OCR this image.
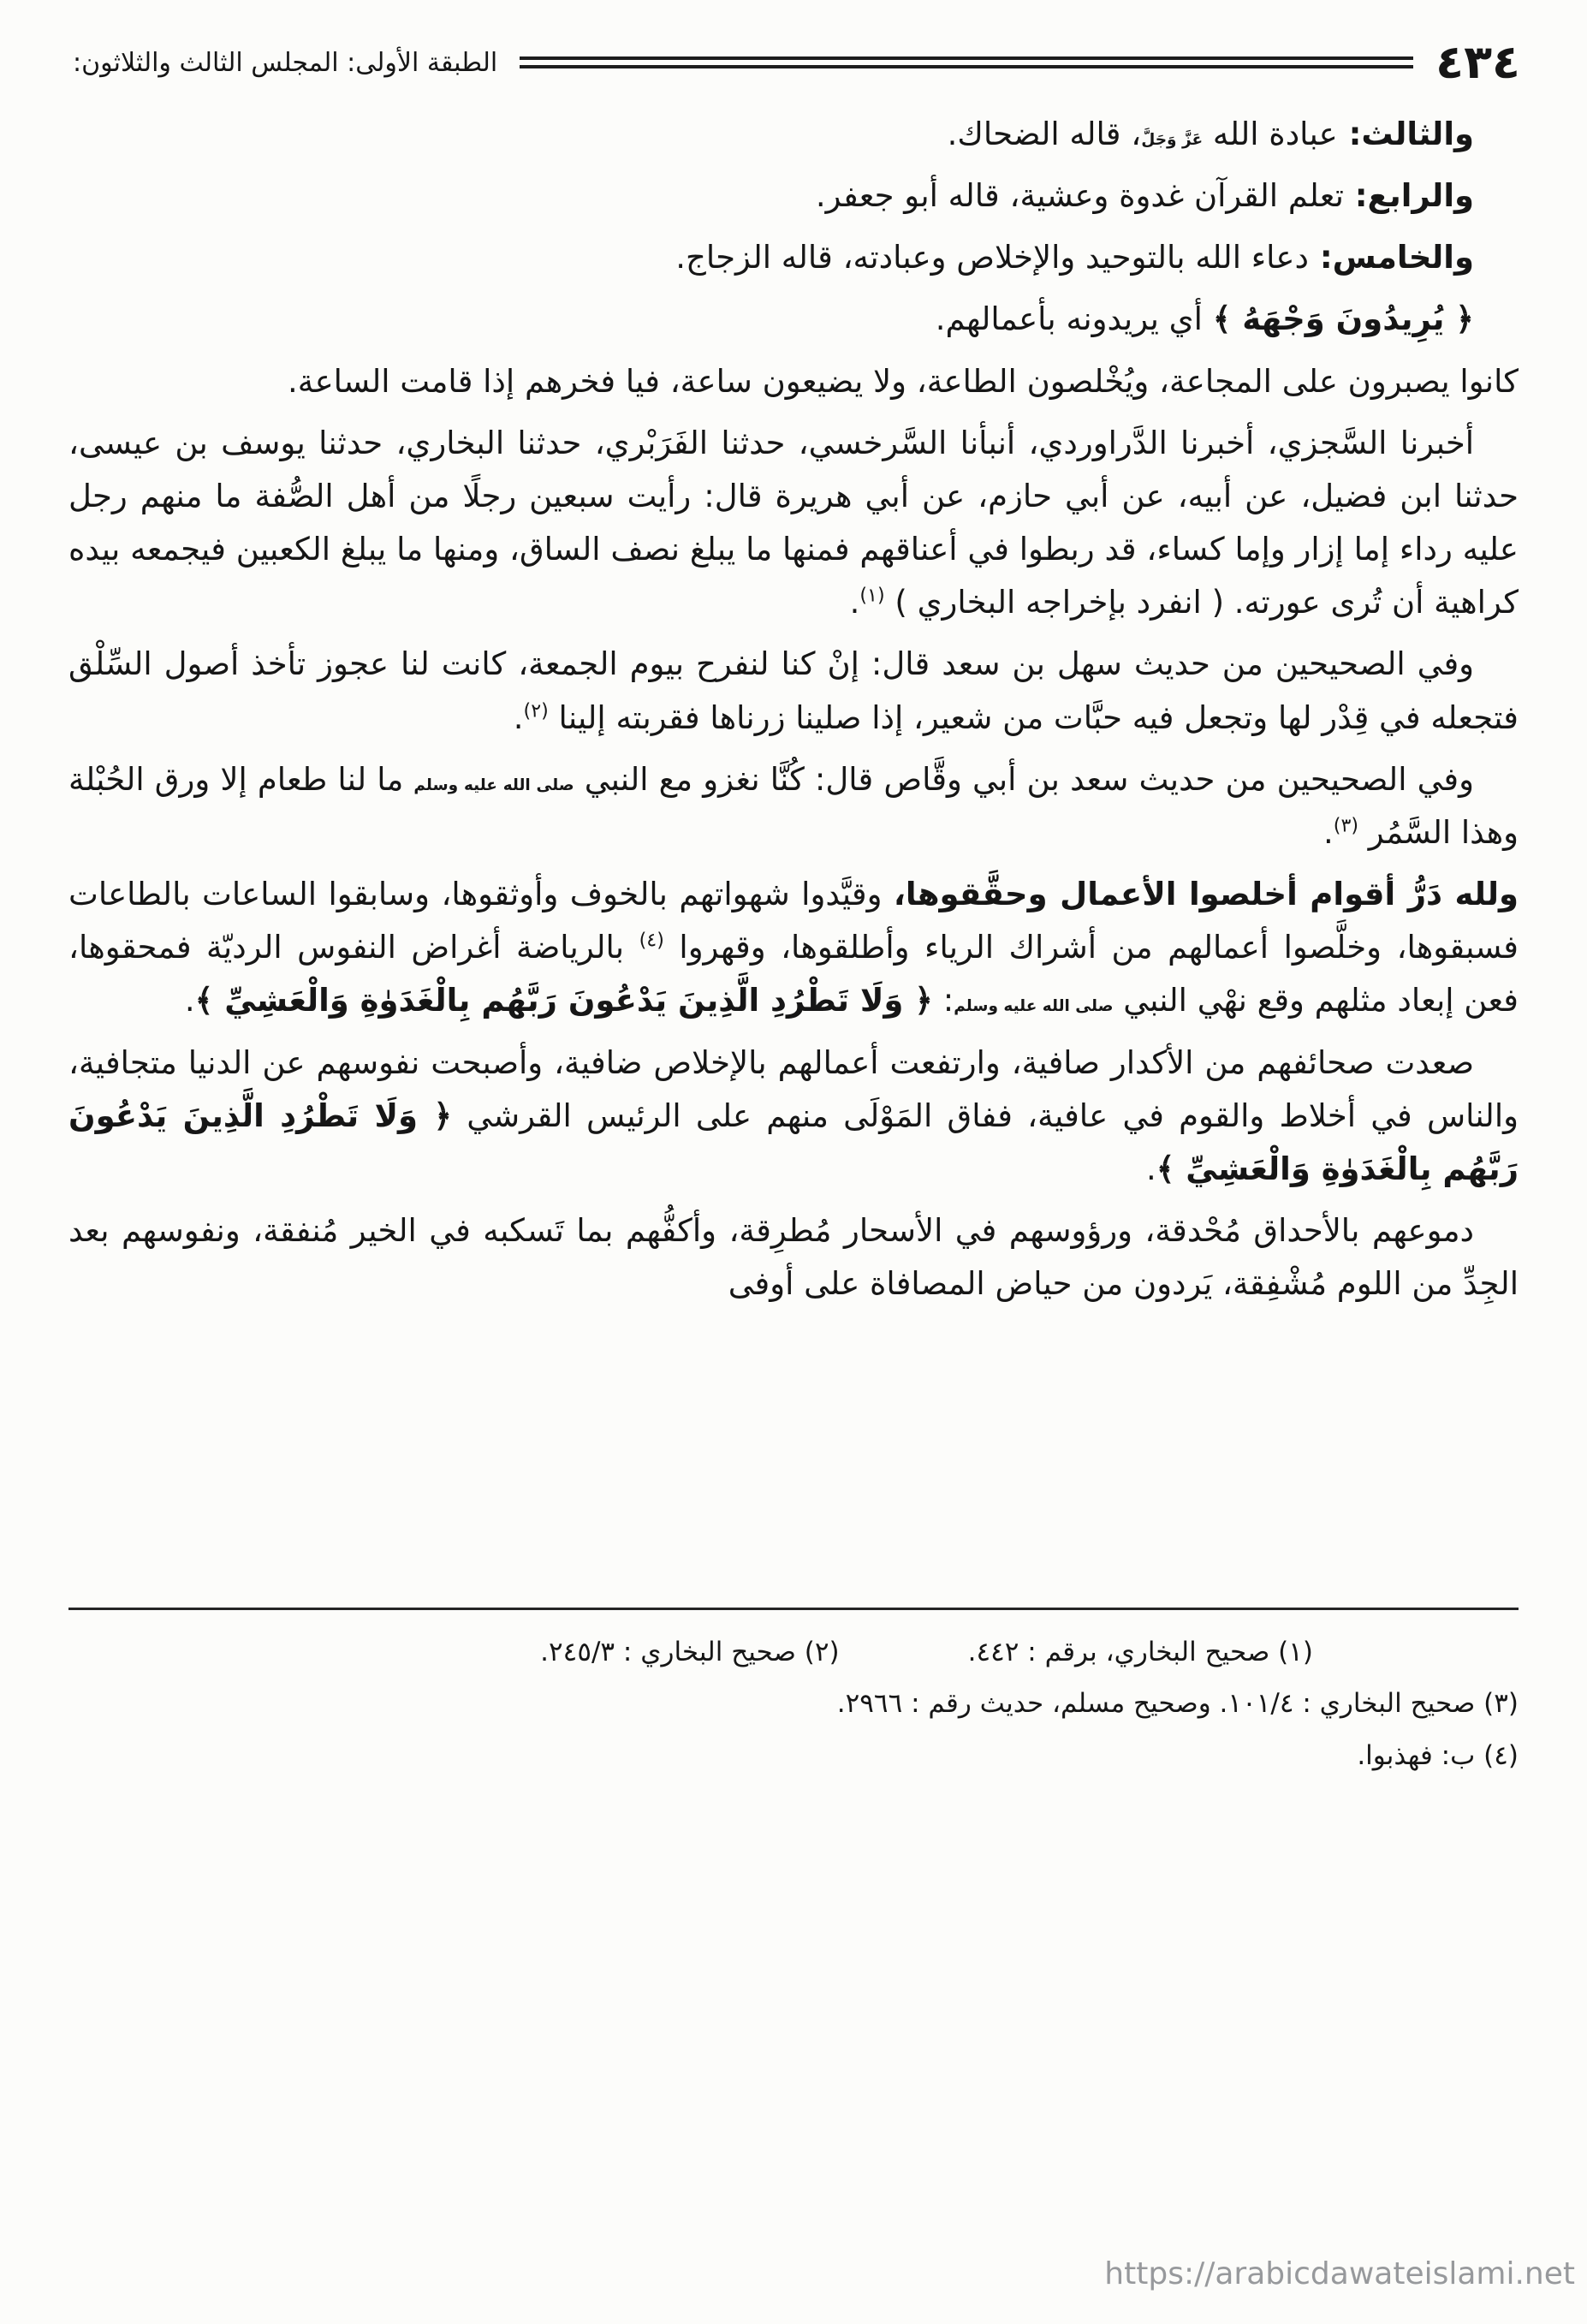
الطبقة الأولى: المجلس الثالث والثلاثون:	٤٣٤

والثالث: عبادة الله عَزَّ وَجَلَّ، قاله الضحاك.

والرابع: تعلم القرآن غدوة وعشية، قاله أبو جعفر.

والخامس: دعاء الله بالتوحيد والإخلاص وعبادته، قاله الزجاج.

﴿ يُرِيدُونَ وَجْهَهُ ﴾ أي يريدونه بأعمالهم.

كانوا يصبرون على المجاعة، ويُخْلصون الطاعة، ولا يضيعون ساعة، فيا فخرهم إذا قامت الساعة.

أخبرنا السَّجزي، أخبرنا الدَّراوردي، أنبأنا السَّرخسي، حدثنا الفَرَبْري، حدثنا البخاري، حدثنا يوسف بن عيسى، حدثنا ابن فضيل، عن أبيه، عن أبي حازم، عن أبي هريرة قال: رأيت سبعين رجلًا من أهل الصُّفة ما منهم رجل عليه رداء إما إزار وإما كساء، قد ربطوا في أعناقهم فمنها ما يبلغ نصف الساق، ومنها ما يبلغ الكعبين فيجمعه بيده كراهية أن تُرى عورته. ( انفرد بإخراجه البخاري ) $^{(١)}$.

وفي الصحيحين من حديث سهل بن سعد قال: إنْ كنا لنفرح بيوم الجمعة، كانت لنا عجوز تأخذ أصول السِّلْق فتجعله في قِدْر لها وتجعل فيه حبَّات من شعير، إذا صلينا زرناها فقربته إلينا $^{(٢)}$.

وفي الصحيحين من حديث سعد بن أبي وقَّاص قال: كُنَّا نغزو مع النبي صلى الله عليه وسلم ما لنا طعام إلا ورق الحُبْلة وهذا السَّمُر $^{(٣)}$.

ولله دَرُّ أقوام أخلصوا الأعمال وحقَّقوها، وقيَّدوا شهواتهم بالخوف وأوثقوها، وسابقوا الساعات بالطاعات فسبقوها، وخلَّصوا أعمالهم من أشراك الرياء وأطلقوها، وقهروا $^{(٤)}$ بالرياضة أغراض النفوس الرديّة فمحقوها، فعن إبعاد مثلهم وقع نهْي النبي صلى الله عليه وسلم: ﴿ وَلَا تَطْرُدِ الَّذِينَ يَدْعُونَ رَبَّهُم بِالْغَدَوٰةِ وَالْعَشِيِّ ﴾.

صعدت صحائفهم من الأكدار صافية، وارتفعت أعمالهم بالإخلاص ضافية، وأصبحت نفوسهم عن الدنيا متجافية، والناس في أخلاط والقوم في عافية، ففاق المَوْلَى منهم على الرئيس القرشي ﴿ وَلَا تَطْرُدِ الَّذِينَ يَدْعُونَ رَبَّهُم بِالْغَدَوٰةِ وَالْعَشِيِّ ﴾.

دموعهم بالأحداق مُحْدقة، ورؤوسهم في الأسحار مُطرِقة، وأكفُّهم بما تَسكبه في الخير مُنفقة، ونفوسهم بعد الجِدِّ من اللوم مُشْفِقة، يَردون من حياض المصافاة على أوفى

(١) صحيح البخاري، برقم : ٤٤٢.
(٢) صحيح البخاري : ٢٤٥/٣.
(٣) صحيح البخاري : ١٠١/٤. وصحيح مسلم، حديث رقم : ٢٩٦٦.
(٤) ب: فهذبوا.
https://arabicdawateislami.net
